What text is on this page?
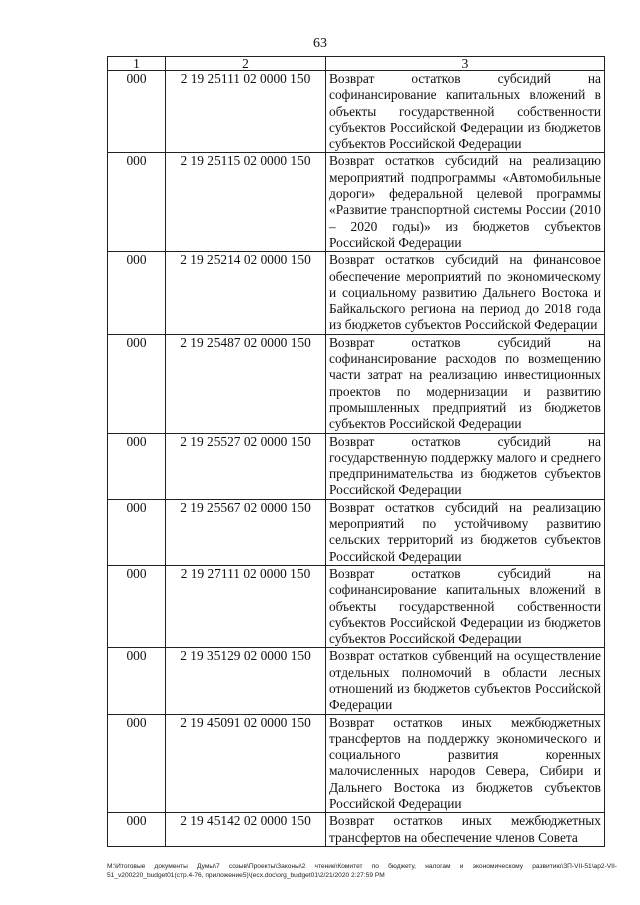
63
1	2	3
000	2 19 25111 02 0000 150	Возврат остатков субсидий на софинансирование капитальных вложений в объекты государственной собственности субъектов Российской Федерации из бюджетов субъектов Российской Федерации

000	2 19 25115 02 0000 150	Возврат остатков субсидий на реализацию мероприятий подпрограммы «Автомобильные дороги» федеральной целевой программы «Развитие транспортной системы России (2010 – 2020 годы)» из бюджетов субъектов Российской Федерации

000	2 19 25214 02 0000 150	Возврат остатков субсидий на финансовое обеспечение мероприятий по экономическому и социальному развитию Дальнего Востока и Байкальского региона на период до 2018 года из бюджетов субъектов Российской Федерации

000	2 19 25487 02 0000 150	Возврат остатков субсидий на софинансирование расходов по возмещению части затрат на реализацию инвестиционных проектов по модернизации и развитию промышленных предприятий из бюджетов субъектов Российской Федерации

000	2 19 25527 02 0000 150	Возврат остатков субсидий на государственную поддержку малого и среднего предпринимательства из бюджетов субъектов Российской Федерации

000	2 19 25567 02 0000 150	Возврат остатков субсидий на реализацию мероприятий по устойчивому развитию сельских территорий из бюджетов субъектов Российской Федерации

000	2 19 27111 02 0000 150	Возврат остатков субсидий на софинансирование капитальных вложений в объекты государственной собственности субъектов Российской Федерации из бюджетов субъектов Российской Федерации

000	2 19 35129 02 0000 150	Возврат остатков субвенций на осуществление отдельных полномочий в области лесных отношений из бюджетов субъектов Российской Федерации

000	2 19 45091 02 0000 150	Возврат остатков иных межбюджетных трансфертов на поддержку экономического и социального развития коренных малочисленных народов Севера, Сибири и Дальнего Востока из бюджетов субъектов Российской Федерации

000	2 19 45142 02 0000 150	Возврат остатков иных межбюджетных трансфертов на обеспечение членов Совета
M:\Итоговые документы Думы\7 созыв\Проекты\Законы\2 чтение\Комитет по бюджету, налогам и экономическому развитию\ЗП-VII-51\ap2-VII-51_v200220_budget01(стр.4-76, приложение5)\(ecx.doc\org_budget01\2/21/2020 2:27:59 PM
